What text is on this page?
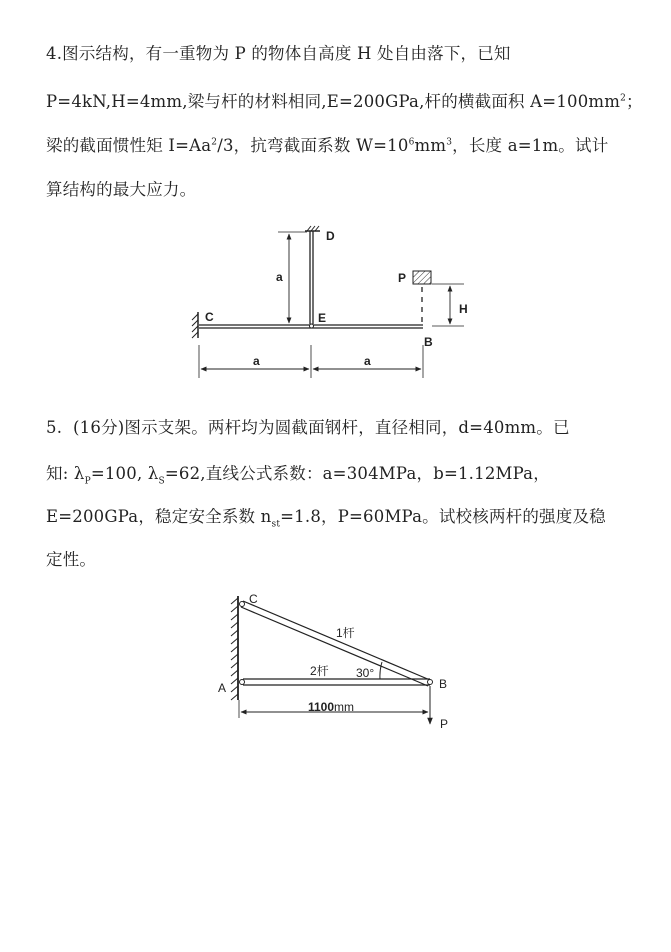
4.图示结构，有一重物为 P 的物体自高度 H 处自由落下，已知
P=4kN,H=4mm,梁与杆的材料相同,E=200GPa,杆的横截面积 $A=100mm^2$；
梁的截面惯性矩 $I=Aa^2/3$，抗弯截面系数 $W=10^6mm^3$，长度 a=1m。试计
算结构的最大应力。
C
D
E
B
P
H
a
a	a
5.  (16分)图示支架。两杆均为圆截面钢杆，直径相同，d=40mm。已
知: $\lambda_P=100$, $\lambda_S=62$,直线公式系数：a=304MPa，b=1.12MPa，
E=200GPa，稳定安全系数 $n_{st}=1.8$，P=60MPa。试校核两杆的强度及稳
定性。
C
A	B
P
1杆
2杆 30°
1100mm
